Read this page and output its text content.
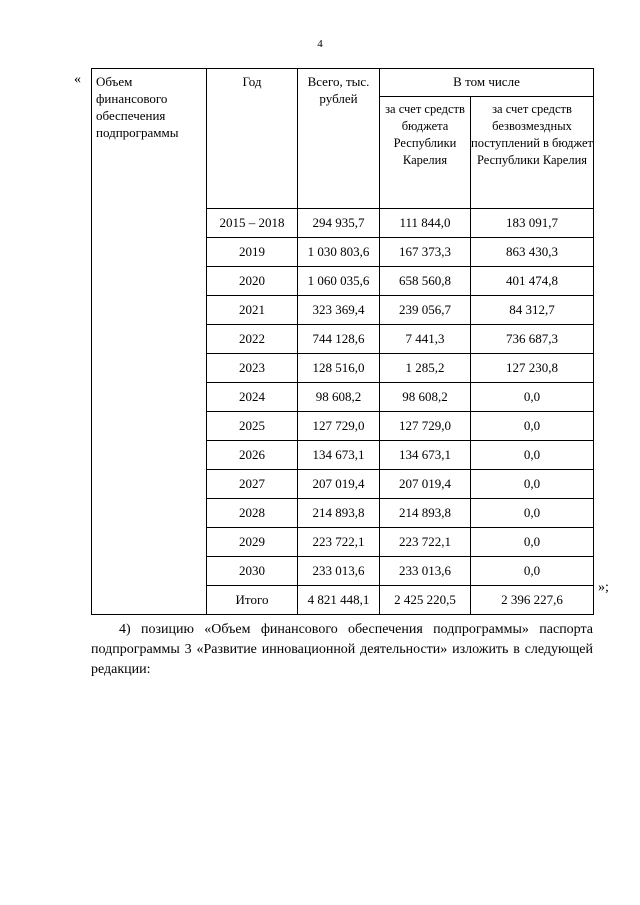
4
« Объем финансового обеспечения подпрограммы	Год	Всего, тыс. рублей	В том числе	
			за счет средств бюджета Республики Карелия	за счет средств безвозмездных поступлений в бюджет Республики Карелия
	2015 – 2018	294 935,7	111 844,0	183 091,7
	2019	1 030 803,6	167 373,3	863 430,3
	2020	1 060 035,6	658 560,8	401 474,8
	2021	323 369,4	239 056,7	84 312,7
	2022	744 128,6	7 441,3	736 687,3
	2023	128 516,0	1 285,2	127 230,8
	2024	98 608,2	98 608,2	0,0
	2025	127 729,0	127 729,0	0,0
	2026	134 673,1	134 673,1	0,0
	2027	207 019,4	207 019,4	0,0
	2028	214 893,8	214 893,8	0,0
	2029	223 722,1	223 722,1	0,0
	2030	233 013,6	233 013,6	0,0
	Итого	4 821 448,1	2 425 220,5	2 396 227,6
»;
4) позицию «Объем финансового обеспечения подпрограммы» паспорта подпрограммы 3 «Развитие инновационной деятельности» изложить в следующей редакции:
